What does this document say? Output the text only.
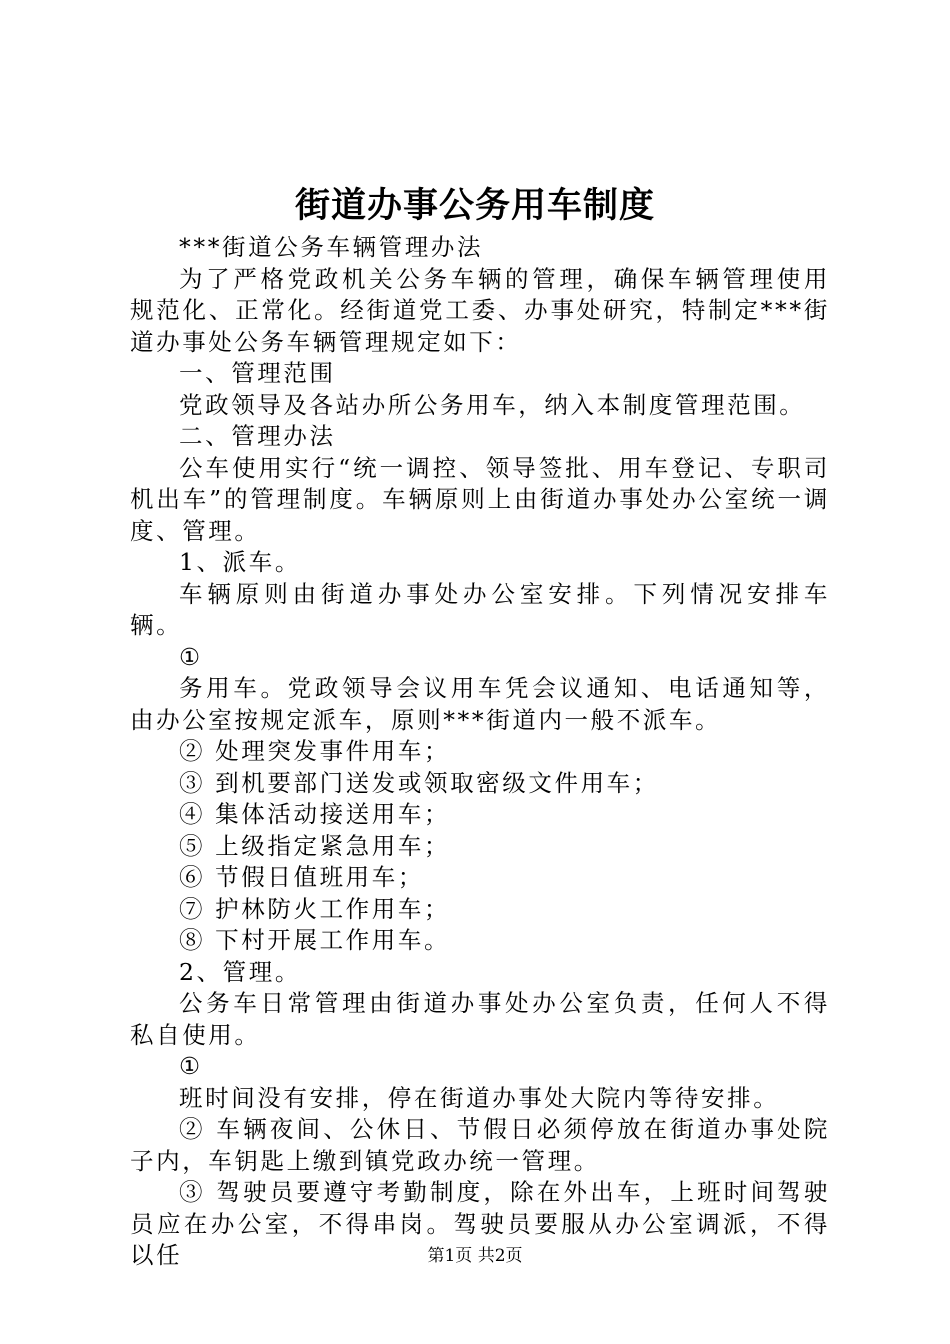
街道办事公务用车制度

***街道公务车辆管理办法

为了严格党政机关公务车辆的管理，确保车辆管理使用规范化、正常化。经街道党工委、办事处研究，特制定***街道办事处公务车辆管理规定如下：

一、管理范围

党政领导及各站办所公务用车，纳入本制度管理范围。

二、管理办法

公车使用实行“统一调控、领导签批、用车登记、专职司机出车”的管理制度。车辆原则上由街道办事处办公室统一调度、管理。

1、派车。

车辆原则由街道办事处办公室安排。下列情况安排车辆。

①

务用车。党政领导会议用车凭会议通知、电话通知等，由办公室按规定派车，原则***街道内一般不派车。

② 处理突发事件用车；

③ 到机要部门送发或领取密级文件用车；

④ 集体活动接送用车；

⑤ 上级指定紧急用车；

⑥ 节假日值班用车；

⑦ 护林防火工作用车；

⑧ 下村开展工作用车。

2、管理。

公务车日常管理由街道办事处办公室负责，任何人不得私自使用。

①

班时间没有安排，停在街道办事处大院内等待安排。

② 车辆夜间、公休日、节假日必须停放在街道办事处院子内，车钥匙上缴到镇党政办统一管理。

③ 驾驶员要遵守考勤制度，除在外出车，上班时间驾驶员应在办公室，不得串岗。驾驶员要服从办公室调派，不得以任	第1页 共2页
